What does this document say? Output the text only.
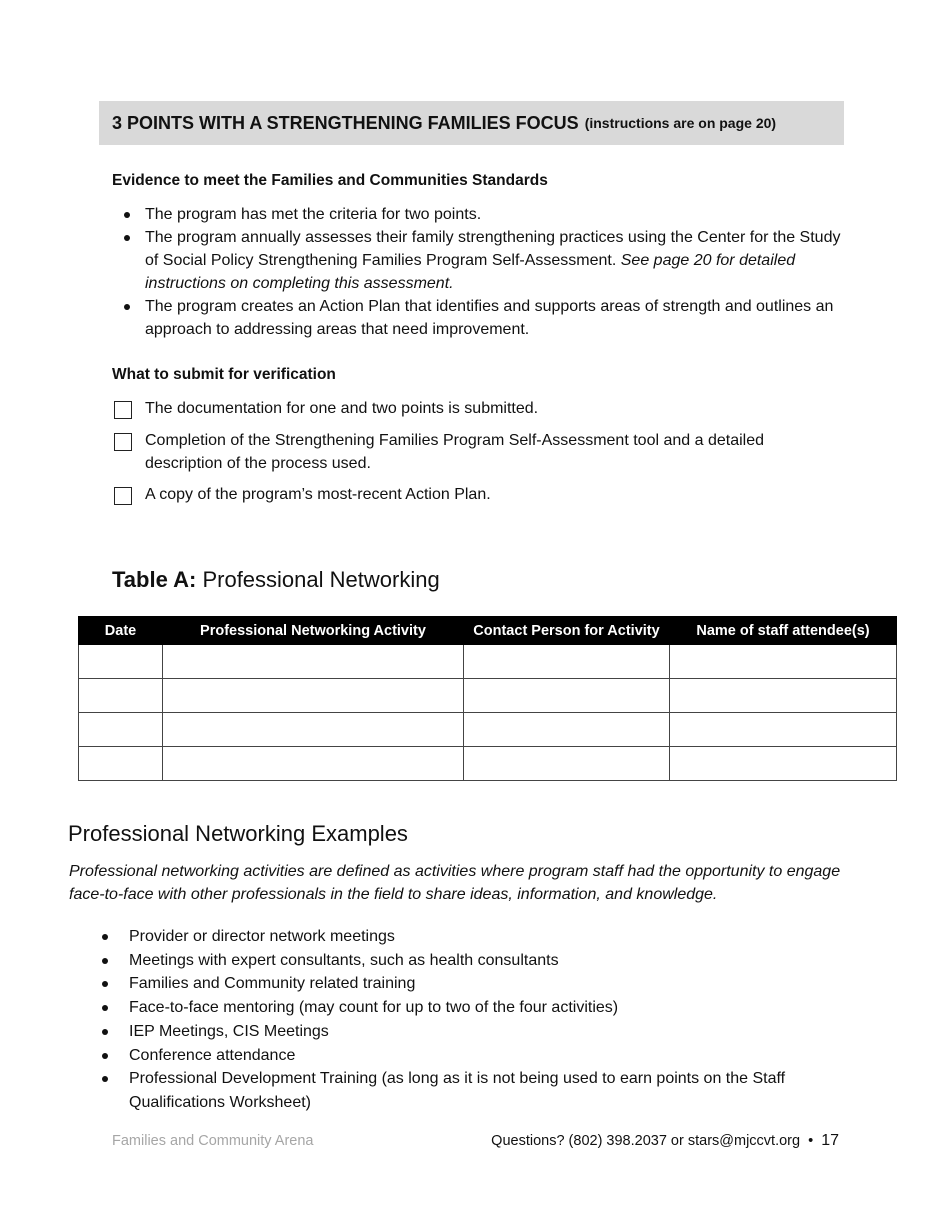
3 POINTS WITH A STRENGTHENING FAMILIES FOCUS (instructions are on page 20)
Evidence to meet the Families and Communities Standards
The program has met the criteria for two points.
The program annually assesses their family strengthening practices using the Center for the Study of Social Policy Strengthening Families Program Self-Assessment. See page 20 for detailed instructions on completing this assessment.
The program creates an Action Plan that identifies and supports areas of strength and outlines an approach to addressing areas that need improvement.
What to submit for verification
The documentation for one and two points is submitted.
Completion of the Strengthening Families Program Self-Assessment tool and a detailed description of the process used.
A copy of the program’s most-recent Action Plan.
Table A: Professional Networking
Date	Professional Networking Activity	Contact Person for Activity	Name of staff attendee(s)

Professional Networking Examples
Professional networking activities are defined as activities where program staff had the opportunity to engage face-to-face with other professionals in the field to share ideas, information, and knowledge.
Provider or director network meetings
Meetings with expert consultants, such as health consultants
Families and Community related training
Face-to-face mentoring (may count for up to two of the four activities)
IEP Meetings, CIS Meetings
Conference attendance
Professional Development Training (as long as it is not being used to earn points on the Staff Qualifications Worksheet)
Families and Community Arena	Questions? (802) 398.2037 or stars@mjccvt.org • 17
